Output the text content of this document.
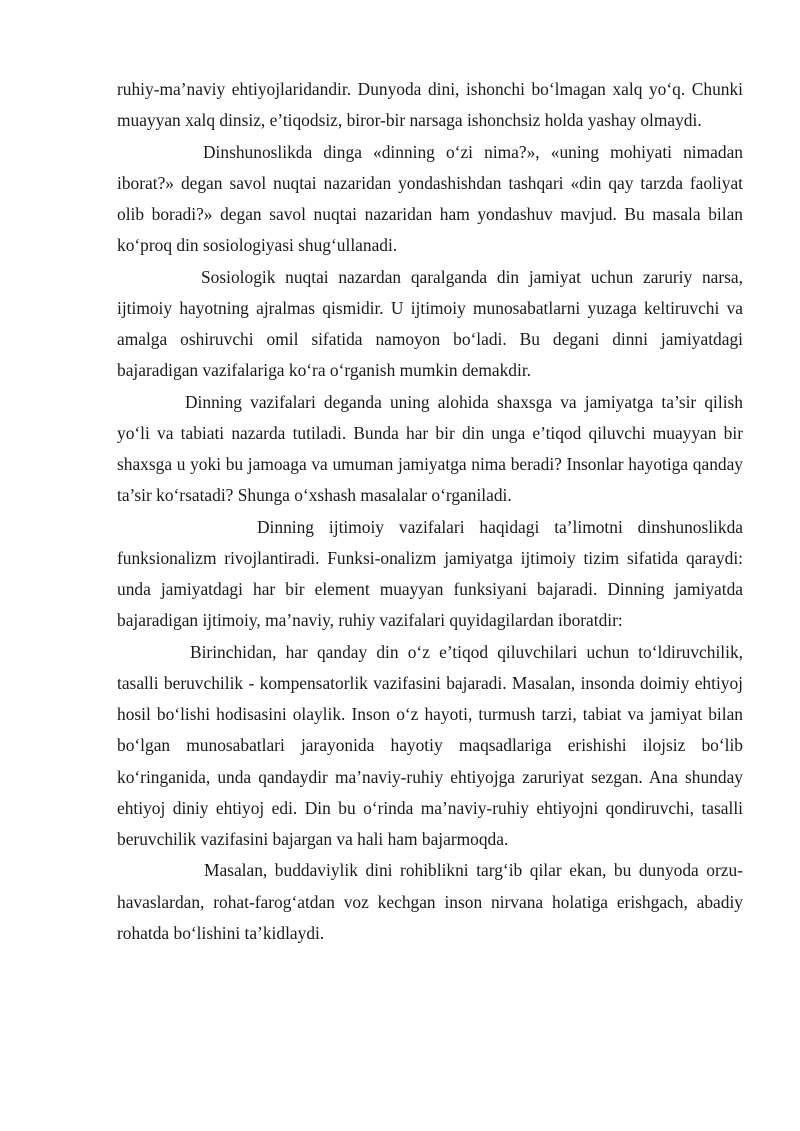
ruhiy-ma’naviy ehtiyojlaridandir. Dunyoda dini, ishonchi bo‘lmagan xalq yo‘q. Chunki muayyan xalq dinsiz, e’tiqodsiz, biror-bir narsaga ishonchsiz holda yashay olmaydi.

Dinshunoslikda dinga «dinning o‘zi nima?», «uning mohiyati nimadan iborat?» degan savol nuqtai nazaridan yondashishdan tashqari «din qay tarzda faoliyat olib boradi?» degan savol nuqtai nazaridan ham yondashuv mavjud. Bu masala bilan ko‘proq din sosiologiyasi shug‘ullanadi.

Sosiologik nuqtai nazardan qaralganda din jamiyat uchun zaruriy narsa, ijtimoiy hayotning ajralmas qismidir. U ijtimoiy munosabatlarni yuzaga keltiruvchi va amalga oshiruvchi omil sifatida namoyon bo‘ladi. Bu degani dinni jamiyatdagi bajaradigan vazifalariga ko‘ra o‘rganish mumkin demakdir.

Dinning vazifalari deganda uning alohida shaxsga va jamiyatga ta’sir qilish yo‘li va tabiati nazarda tutiladi. Bunda har bir din unga e’tiqod qiluvchi muayyan bir shaxsga u yoki bu jamoaga va umuman jamiyatga nima beradi? Insonlar hayotiga qanday ta’sir ko‘rsatadi? Shunga o‘xshash masalalar o‘rganiladi.

Dinning ijtimoiy vazifalari haqidagi ta’limotni dinshunoslikda funksionalizm rivojlantiradi. Funksi-onalizm jamiyatga ijtimoiy tizim sifatida qaraydi: unda jamiyatdagi har bir element muayyan funksiyani bajaradi. Dinning jamiyatda bajaradigan ijtimoiy, ma’naviy, ruhiy vazifalari quyidagilardan iboratdir:

Birinchidan, har qanday din o‘z e’tiqod qiluvchilari uchun to‘ldiruvchilik, tasalli beruvchilik - kompensatorlik vazifasini bajaradi. Masalan, insonda doimiy ehtiyoj hosil bo‘lishi hodisasini olaylik. Inson o‘z hayoti, turmush tarzi, tabiat va jamiyat bilan bo‘lgan munosabatlari jarayonida hayotiy maqsadlariga erishishi ilojsiz bo‘lib ko‘ringanida, unda qandaydir ma’naviy-ruhiy ehtiyojga zaruriyat sezgan. Ana shunday ehtiyoj diniy ehtiyoj edi. Din bu o‘rinda ma’naviy-ruhiy ehtiyojni qondiruvchi, tasalli beruvchilik vazifasini bajargan va hali ham bajarmoqda.

Masalan, buddaviylik dini rohiblikni targ‘ib qilar ekan, bu dunyoda orzu-havaslardan, rohat-farog‘atdan voz kechgan inson nirvana holatiga erishgach, abadiy rohatda bo‘lishini ta’kidlaydi.
